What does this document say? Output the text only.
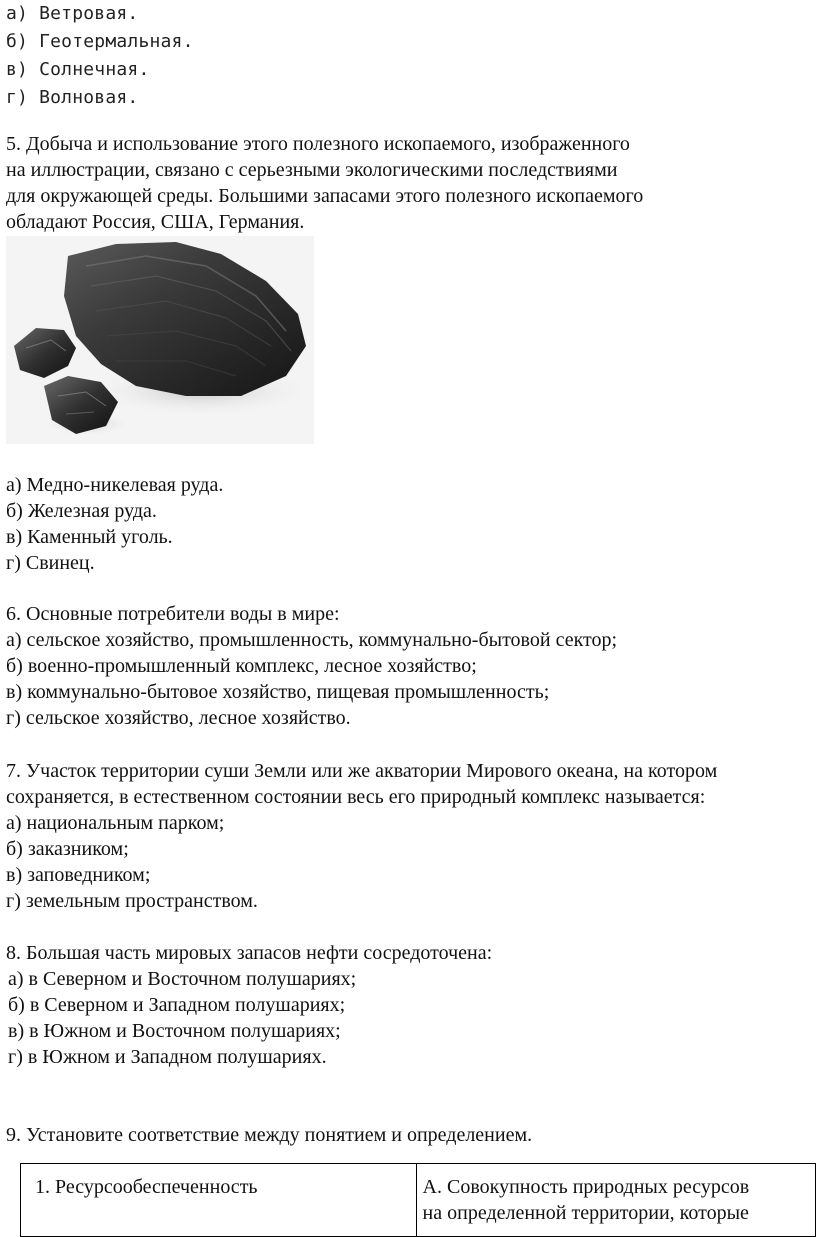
а) Ветровая.
б) Геотермальная.
в) Солнечная.
г) Волновая.
5. Добыча и использование этого полезного ископаемого, изображенного
на иллюстрации, связано с серьезными экологическими последствиями
для окружающей среды. Большими запасами этого полезного ископаемого
обладают Россия, США, Германия.
а) Медно-никелевая руда.
б) Железная руда.
в) Каменный уголь.
г) Свинец.
6. Основные потребители воды в мире:
а) сельское хозяйство, промышленность, коммунально-бытовой сектор;
б) военно-промышленный комплекс, лесное хозяйство;
в) коммунально-бытовое хозяйство, пищевая промышленность;
г) сельское хозяйство, лесное хозяйство.
7. Участок территории суши Земли или же акватории Мирового океана, на котором
сохраняется, в естественном состоянии весь его природный комплекс называется:
а) национальным парком;
б) заказником;
в) заповедником;
г) земельным пространством.
8. Большая часть мировых запасов нефти сосредоточена:
а) в Северном и Восточном полушариях;
б) в Северном и Западном полушариях;
в) в Южном и Восточном полушариях;
г) в Южном и Западном полушариях.
9. Установите соответствие между понятием и определением.
1. Ресурсообеспеченность	А. Совокупность природных ресурсов
на определенной территории, которые
